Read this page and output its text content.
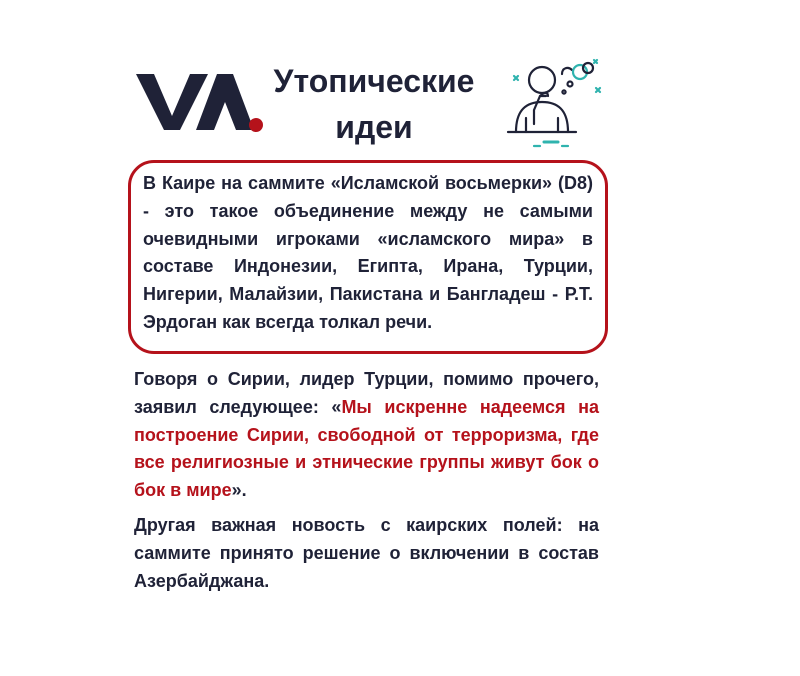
Утопические
идеи

В Каире на саммите «Исламской восьмерки» (D8) - это такое объединение между не самыми очевидными игроками «исламского мира» в составе Индонезии, Египта, Ирана, Турции, Нигерии, Малайзии, Пакистана и Бангладеш - Р.Т. Эрдоган как всегда толкал речи.

Говоря о Сирии, лидер Турции, помимо прочего, заявил следующее: «Мы искренне надеемся на построение Сирии, свободной от терроризма, где все религиозные и этнические группы живут бок о бок в мире».

Другая важная новость с каирских полей: на саммите принято решение о включении в состав Азербайджана.
